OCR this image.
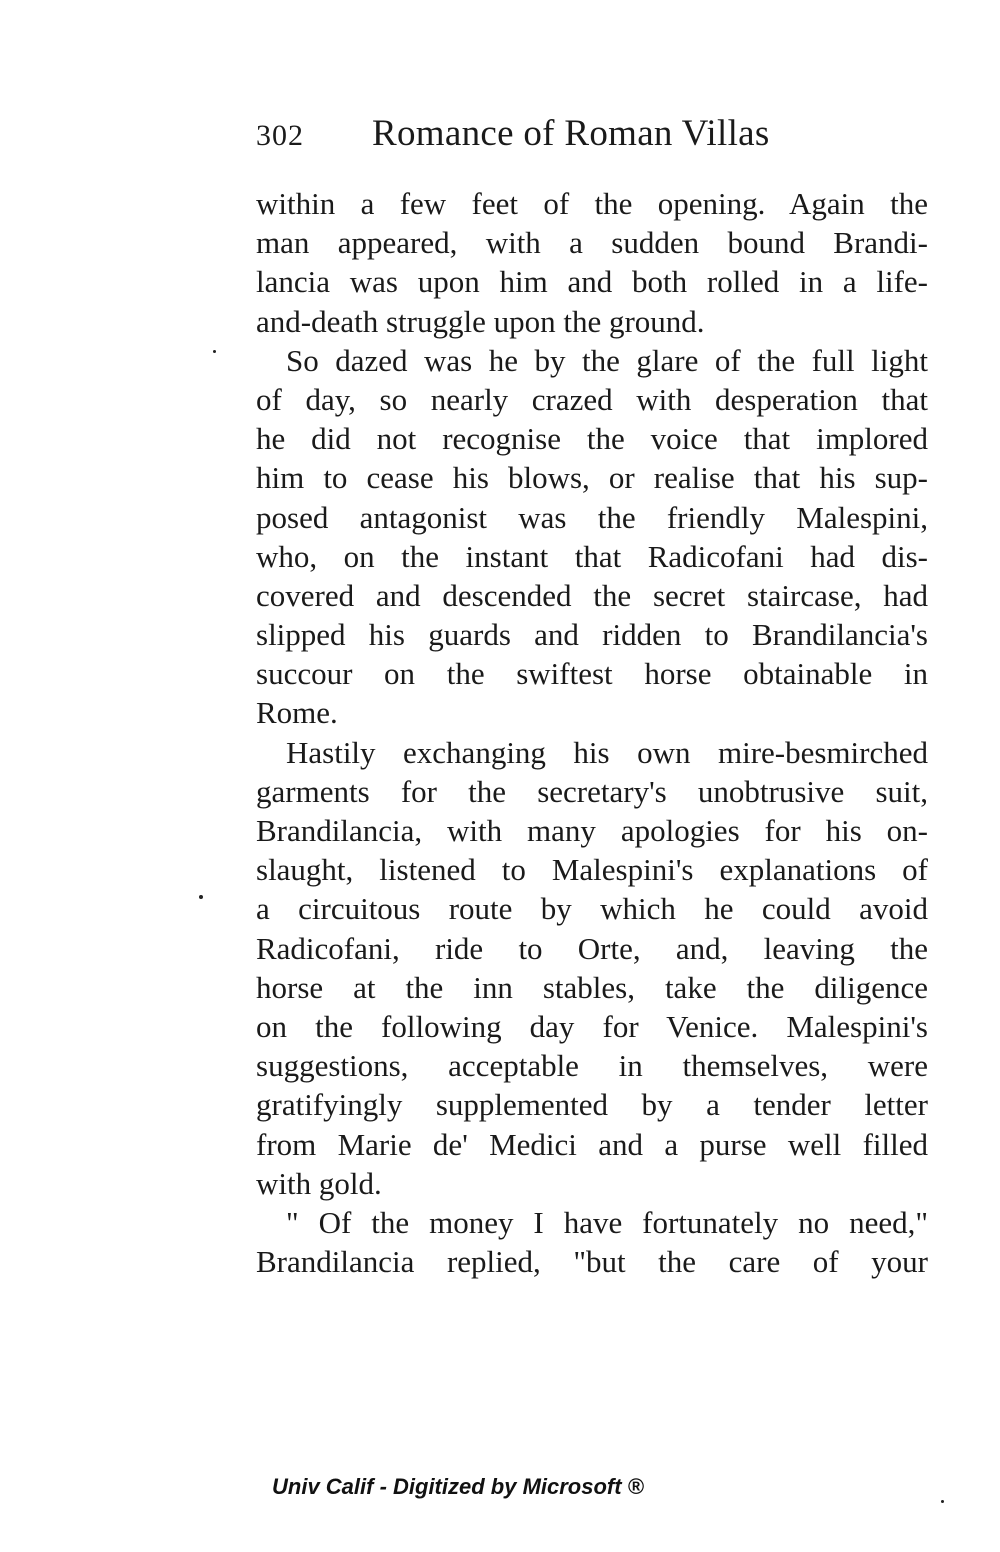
302	Romance of Roman Villas
within a few feet of the opening. Again the
man appeared, with a sudden bound Brandi-
lancia was upon him and both rolled in a life-
and-death struggle upon the ground.
So dazed was he by the glare of the full light
of day, so nearly crazed with desperation that
he did not recognise the voice that implored
him to cease his blows, or realise that his sup-
posed antagonist was the friendly Malespini,
who, on the instant that Radicofani had dis-
covered and descended the secret staircase, had
slipped his guards and ridden to Brandilancia's
succour on the swiftest horse obtainable in
Rome.
Hastily exchanging his own mire-besmirched
garments for the secretary's unobtrusive suit,
Brandilancia, with many apologies for his on-
slaught, listened to Malespini's explanations of
a circuitous route by which he could avoid
Radicofani, ride to Orte, and, leaving the
horse at the inn stables, take the diligence
on the following day for Venice. Malespini's
suggestions, acceptable in themselves, were
gratifyingly supplemented by a tender letter
from Marie de' Medici and a purse well filled
with gold.
" Of the money I have fortunately no need,"
Brandilancia replied, "but the care of your
Univ Calif - Digitized by Microsoft ®
